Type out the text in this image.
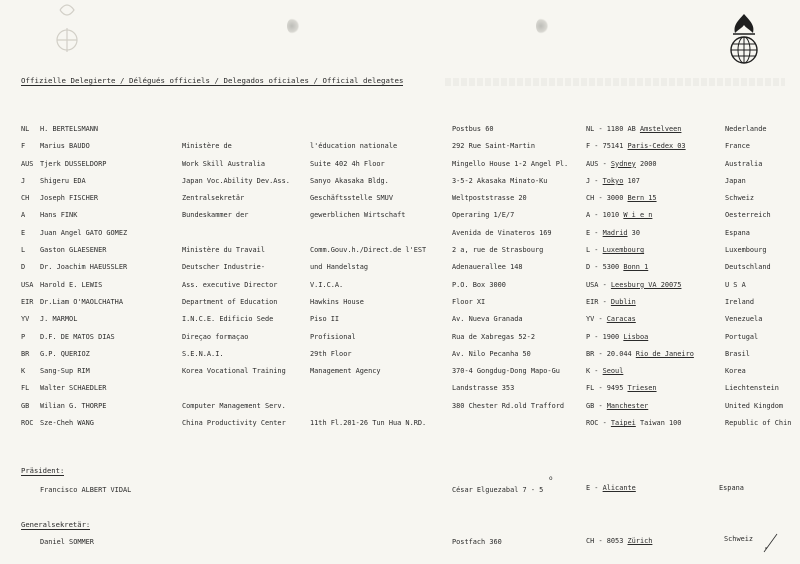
Offizielle Delegierte / Délégués officiels / Delegados oficiales / Official delegates
NL H. BERTELSMANN	Postbus 60	NL - 1180 AB Amstelveen	Nederlande
F Marius BAUDO	Ministère de	l'éducation nationale	292 Rue Saint-Martin	F - 75141 Paris-Cedex 03	France
AUS Tjerk DUSSELDORP	Work Skill Australia	Suite 402 4h Floor	Mingello House 1-2 Angel Pl.	AUS - Sydney 2000	Australia
J Shigeru EDA	Japan Voc.Ability Dev.Ass.	Sanyo Akasaka Bldg.	3-5-2 Akasaka Minato-Ku	J - Tokyo 107	Japan
CH Joseph FISCHER	Zentralsekretär	Geschäftsstelle SMUV	Weltpoststrasse 20	CH - 3000 Bern 15	Schweiz
A Hans FINK	Bundeskammer der	gewerblichen Wirtschaft	Operaring 1/E/7	A - 1010 W i e n	Oesterreich
E Juan Angel GATO GOMEZ	Avenida de Vinateros 169	E - Madrid 30	Espana
L Gaston GLAESENER	Ministère du Travail	Comm.Gouv.h./Direct.de l'EST	2 a, rue de Strasbourg	L - Luxembourg	Luxembourg
D Dr. Joachim HAEUSSLER	Deutscher Industrie-	und Handelstag	Adenauerallee 148	D - 5300 Bonn 1	Deutschland
USA Harold E. LEWIS	Ass. executive Director	V.I.C.A.	P.O. Box 3000	USA - Leesburg VA 20075	U S A
EIR Dr.Liam O'MAOLCHATHA	Department of Education	Hawkins House	Floor XI	EIR - Dublin	Ireland
YV J. MARMOL	I.N.C.E. Edificio Sede	Piso II	Av. Nueva Granada	YV - Caracas	Venezuela
P D.F. DE MATOS DIAS	Direçao formaçao	Profisional	Rua de Xabregas 52-2	P - 1900 Lisboa	Portugal
BR G.P. QUERIOZ	S.E.N.A.I.	29th Floor	Av. Nilo Pecanha 50	BR - 20.044 Rio de Janeiro	Brasil
K Sang-Sup RIM	Korea Vocational Training	Management Agency	370-4 Gongdug-Dong Mapo-Gu	K - Seoul	Korea
FL Walter SCHAEDLER	Landstrasse 353	FL - 9495 Triesen	Liechtenstein
GB Wilian G. THORPE	Computer Management Serv.	380 Chester Rd.old Trafford	GB - Manchester	United Kingdom
ROC Sze-Cheh WANG	China Productivity Center	11th Fl.201-26 Tun Hua N.RD.	ROC - Taipei Taiwan 100	Republic of Chin
Präsident:
Francisco ALBERT VIDAL	César Elguezabal 7 - 5
o
E - Alicante	Espana
Generalsekretär:
Daniel SOMMER	Postfach 360	CH - 8053 Zürich	Schweiz
